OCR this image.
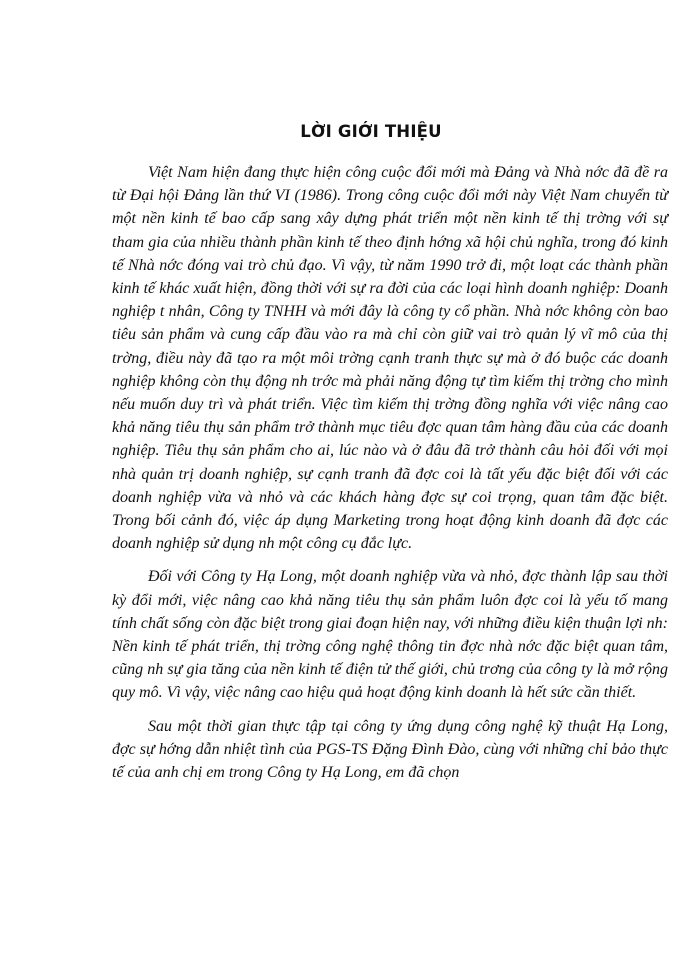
LỜI GIỚI THIỆU

Việt Nam hiện đang thực hiện công cuộc đổi mới mà Đảng và Nhà nớc đã đề ra từ Đại hội Đảng lần thứ VI (1986). Trong công cuộc đổi mới này Việt Nam chuyển từ một nền kinh tế bao cấp sang xây dựng phát triển một nền kinh tế thị trờng với sự tham gia của nhiều thành phần kinh tế theo định hớng xã hội chủ nghĩa, trong đó kinh tế Nhà nớc đóng vai trò chủ đạo. Vì vậy, từ năm 1990 trở đi, một loạt các thành phần kinh tế khác xuất hiện, đồng thời với sự ra đời của các loại hình doanh nghiệp: Doanh nghiệp t nhân, Công ty TNHH và mới đây là công ty cổ phần. Nhà nớc không còn bao tiêu sản phẩm và cung cấp đầu vào ra mà chỉ còn giữ vai trò quản lý vĩ mô của thị trờng, điều này đã tạo ra một môi trờng cạnh tranh thực sự mà ở đó buộc các doanh nghiệp không còn thụ động nh trớc mà phải năng động tự tìm kiếm thị trờng cho mình nếu muốn duy trì và phát triển. Việc tìm kiếm thị trờng đồng nghĩa với việc nâng cao khả năng tiêu thụ sản phẩm trở thành mục tiêu đợc quan tâm hàng đầu của các doanh nghiệp. Tiêu thụ sản phẩm cho ai, lúc nào và ở đâu đã trở thành câu hỏi đối với mọi nhà quản trị doanh nghiệp, sự cạnh tranh đã đợc coi là tất yếu đặc biệt đối với các doanh nghiệp vừa và nhỏ và các khách hàng đợc sự coi trọng, quan tâm đặc biệt. Trong bối cảnh đó, việc áp dụng Marketing trong hoạt động kinh doanh đã đợc các doanh nghiệp sử dụng nh một công cụ đắc lực.

Đối với Công ty Hạ Long, một doanh nghiệp vừa và nhỏ, đợc thành lập sau thời kỳ đổi mới, việc nâng cao khả năng tiêu thụ sản phẩm luôn đợc coi là yếu tố mang tính chất sống còn đặc biệt trong giai đoạn hiện nay, với những điều kiện thuận lợi nh: Nền kinh tế phát triển, thị trờng công nghệ thông tin đợc nhà nớc đặc biệt quan tâm, cũng nh sự gia tăng của nền kinh tế điện tử thế giới, chủ trơng của công ty là mở rộng quy mô. Vì vậy, việc nâng cao hiệu quả hoạt động kinh doanh là hết sức cần thiết.

Sau một thời gian thực tập tại công ty ứng dụng công nghệ kỹ thuật Hạ Long, đợc sự hớng dẫn nhiệt tình của PGS-TS Đặng Đình Đào, cùng với những chỉ bảo thực tế của anh chị em trong Công ty Hạ Long, em đã chọn
